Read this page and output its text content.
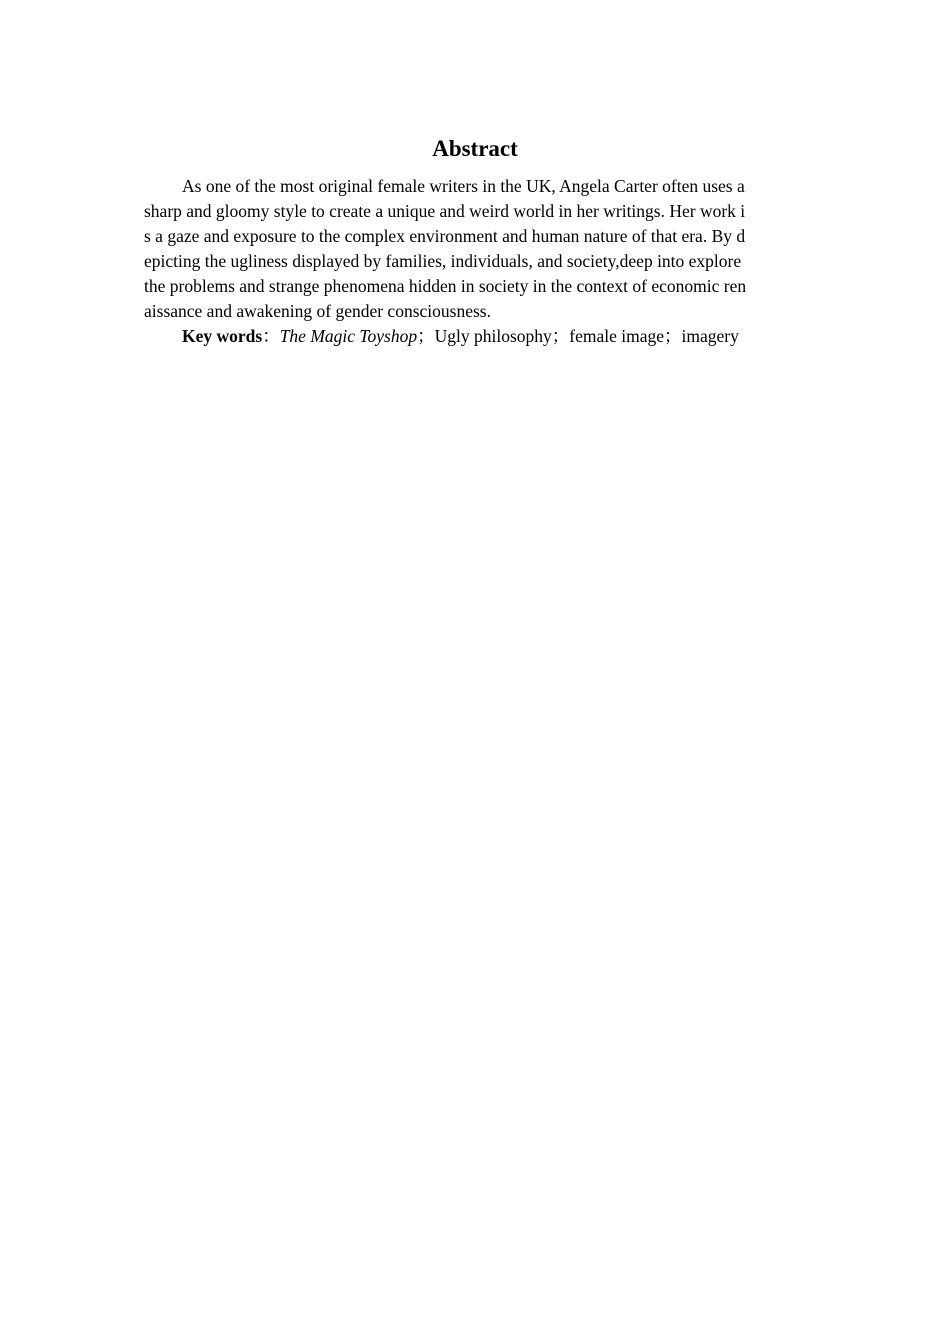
Abstract

As one of the most original female writers in the UK, Angela Carter often uses a

sharp and gloomy style to create a unique and weird world in her writings. Her work i

s a gaze and exposure to the complex environment and human nature of that era. By d

epicting the ugliness displayed by families, individuals, and society,deep into explore

the problems and strange phenomena hidden in society in the context of economic ren

aissance and awakening of gender consciousness.

Key words：The Magic Toyshop；Ugly philosophy；female image；imagery
